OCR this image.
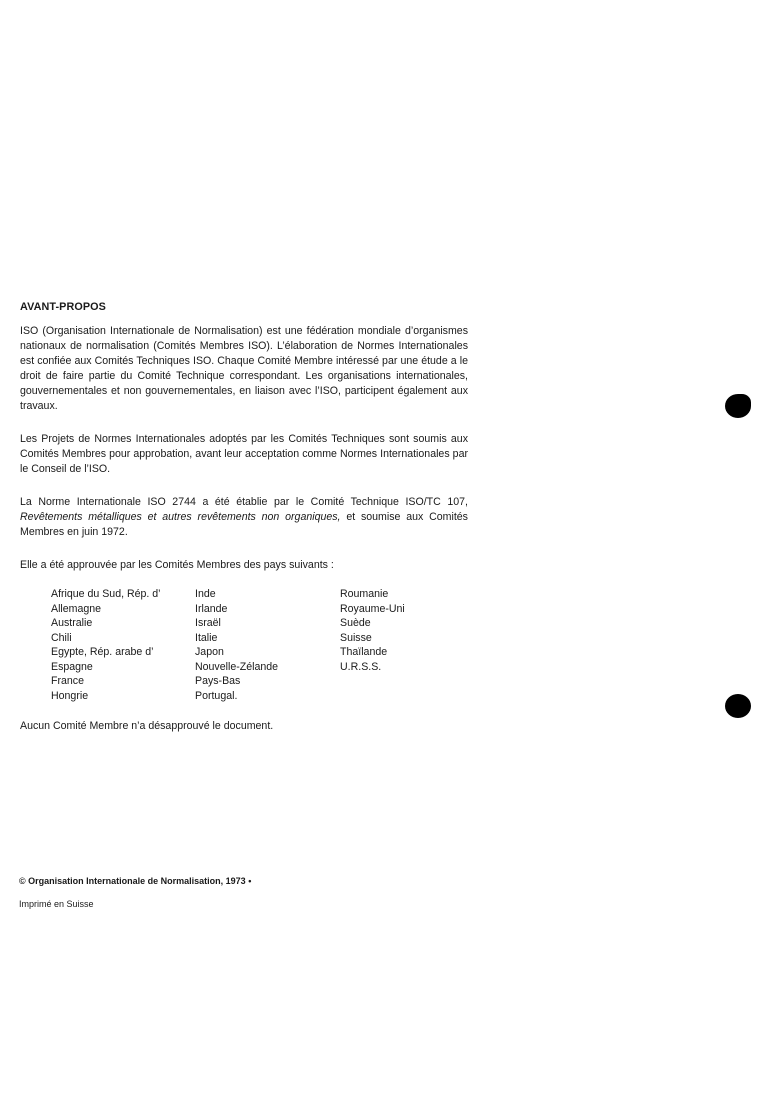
AVANT-PROPOS

ISO (Organisation Internationale de Normalisation) est une fédération mondiale d’organismes nationaux de normalisation (Comités Membres ISO). L’élaboration de Normes Internationales est confiée aux Comités Techniques ISO. Chaque Comité Membre intéressé par une étude a le droit de faire partie du Comité Technique correspondant. Les organisations internationales, gouvernementales et non gouvernementales, en liaison avec l’ISO, participent également aux travaux.

Les Projets de Normes Internationales adoptés par les Comités Techniques sont soumis aux Comités Membres pour approbation, avant leur acceptation comme Normes Internationales par le Conseil de l’ISO.

La Norme Internationale ISO 2744 a été établie par le Comité Technique ISO/TC 107, Revêtements métalliques et autres revêtements non organiques, et soumise aux Comités Membres en juin 1972.

Elle a été approuvée par les Comités Membres des pays suivants :

Afrique du Sud, Rép. d’
Allemagne
Australie
Chili
Egypte, Rép. arabe d’
Espagne
France
Hongrie
Inde
Irlande
Israël
Italie
Japon
Nouvelle-Zélande
Pays-Bas
Portugal.
Roumanie
Royaume-Uni
Suède
Suisse
Thaïlande
U.R.S.S.

Aucun Comité Membre n’a désapprouvé le document.

© Organisation Internationale de Normalisation, 1973 •
Imprimé en Suisse
